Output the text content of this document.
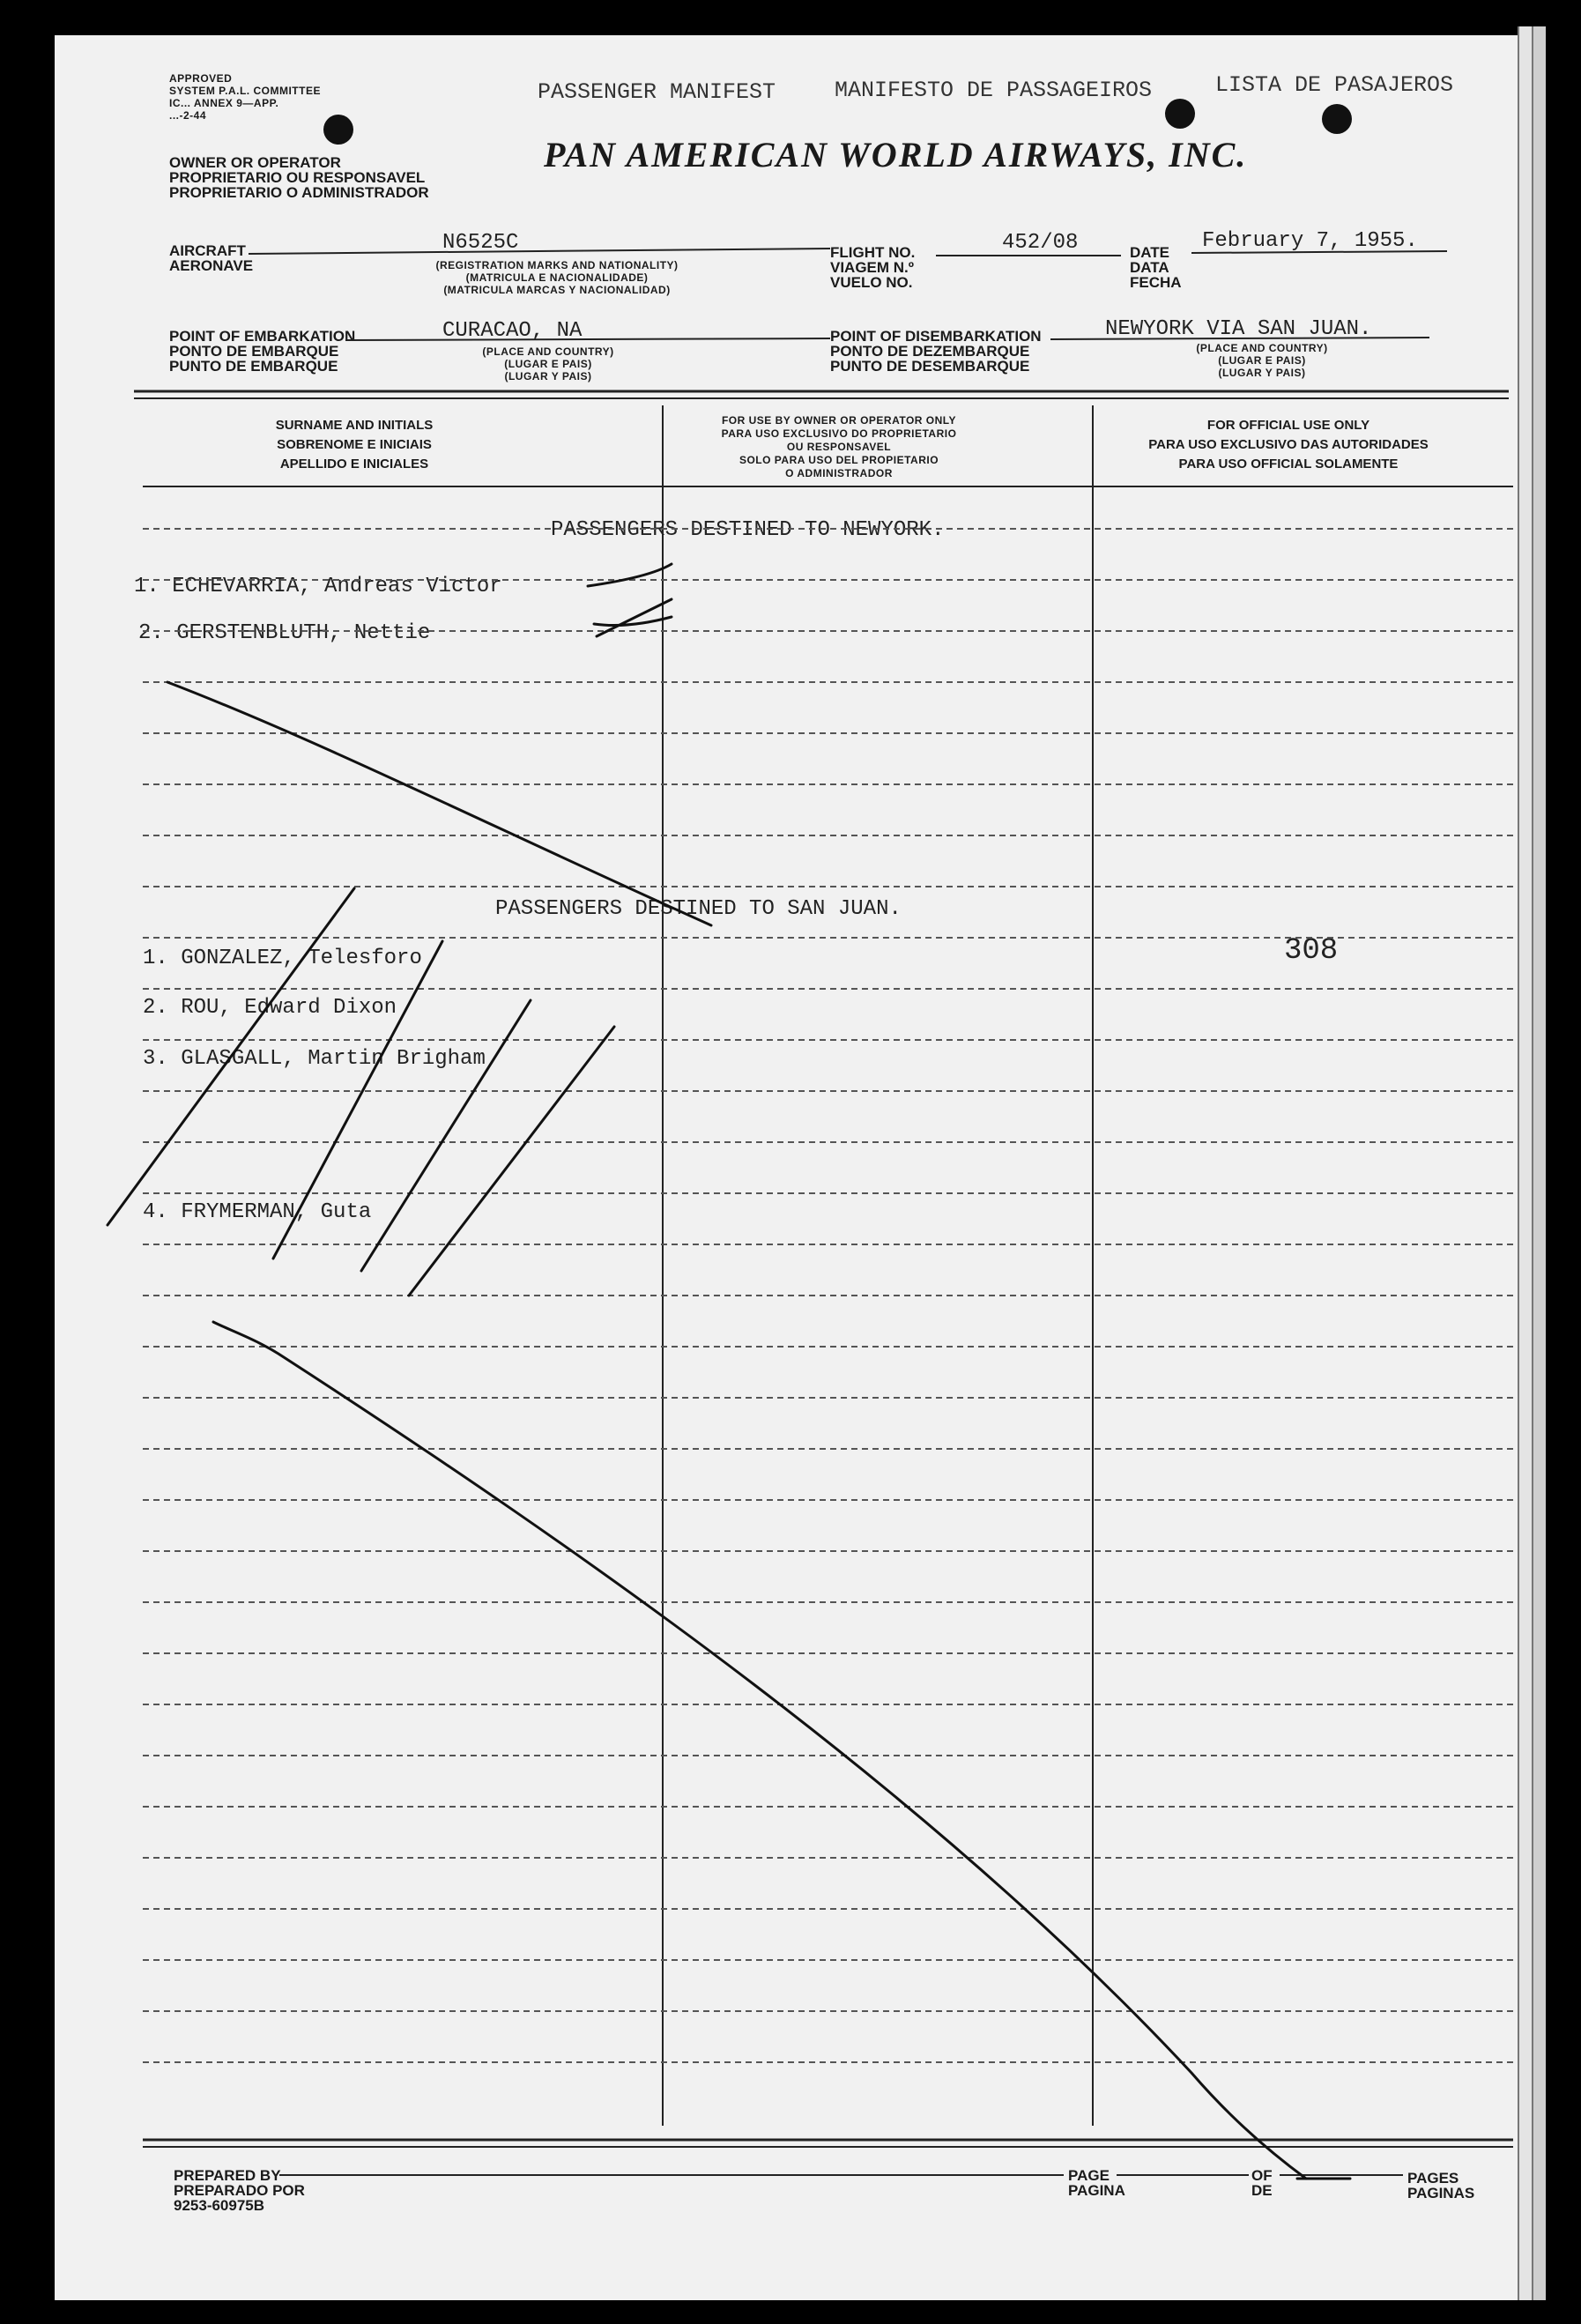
APPROVED
SYSTEM P.A.L. COMMITTEE
IC... ANNEX 9—APP.
...-2-44
PASSENGER MANIFEST	MANIFESTO DE PASSAGEIROS	LISTA DE PASAJEROS
OWNER OR OPERATOR
PROPRIETARIO OU RESPONSAVEL
PROPRIETARIO O ADMINISTRADOR
PAN AMERICAN WORLD AIRWAYS, INC.
AIRCRAFT
AERONAVE
N6525C
(REGISTRATION MARKS AND NATIONALITY)
(MATRICULA E NACIONALIDADE)
(MATRICULA MARCAS Y NACIONALIDAD)
FLIGHT NO.
VIAGEM N.º
VUELO NO.
452/08	DATE
DATA
FECHA
February 7, 1955.
POINT OF EMBARKATION
PONTO DE EMBARQUE
PUNTO DE EMBARQUE
CURACAO, NA
(PLACE AND COUNTRY)
(LUGAR E PAIS)
(LUGAR Y PAIS)
POINT OF DISEMBARKATION
PONTO DE DEZEMBARQUE
PUNTO DE DESEMBARQUE
NEWYORK VIA SAN JUAN.
(PLACE AND COUNTRY)
(LUGAR E PAIS)
(LUGAR Y PAIS)
SURNAME AND INITIALS
SOBRENOME E INICIAIS
APELLIDO E INICIALES
FOR USE BY OWNER OR OPERATOR ONLY
PARA USO EXCLUSIVO DO PROPRIETARIO
OU RESPONSAVEL
SOLO PARA USO DEL PROPIETARIO
O ADMINISTRADOR
FOR OFFICIAL USE ONLY
PARA USO EXCLUSIVO DAS AUTORIDADES
PARA USO OFFICIAL SOLAMENTE
PASSENGERS DESTINED TO NEWYORK.
1. ECHEVARRIA, Andreas Victor
2. GERSTENBLUTH, Nettie
PASSENGERS DESTINED TO SAN JUAN.
1. GONZALEZ, Telesforo
2. ROU, Edward Dixon
3. GLASGALL, Martin Brigham
4. FRYMERMAN, Guta
308
PREPARED BY
PREPARADO POR
9253-60975B
PAGE
PAGINA
OF
DE
PAGES
PAGINAS
